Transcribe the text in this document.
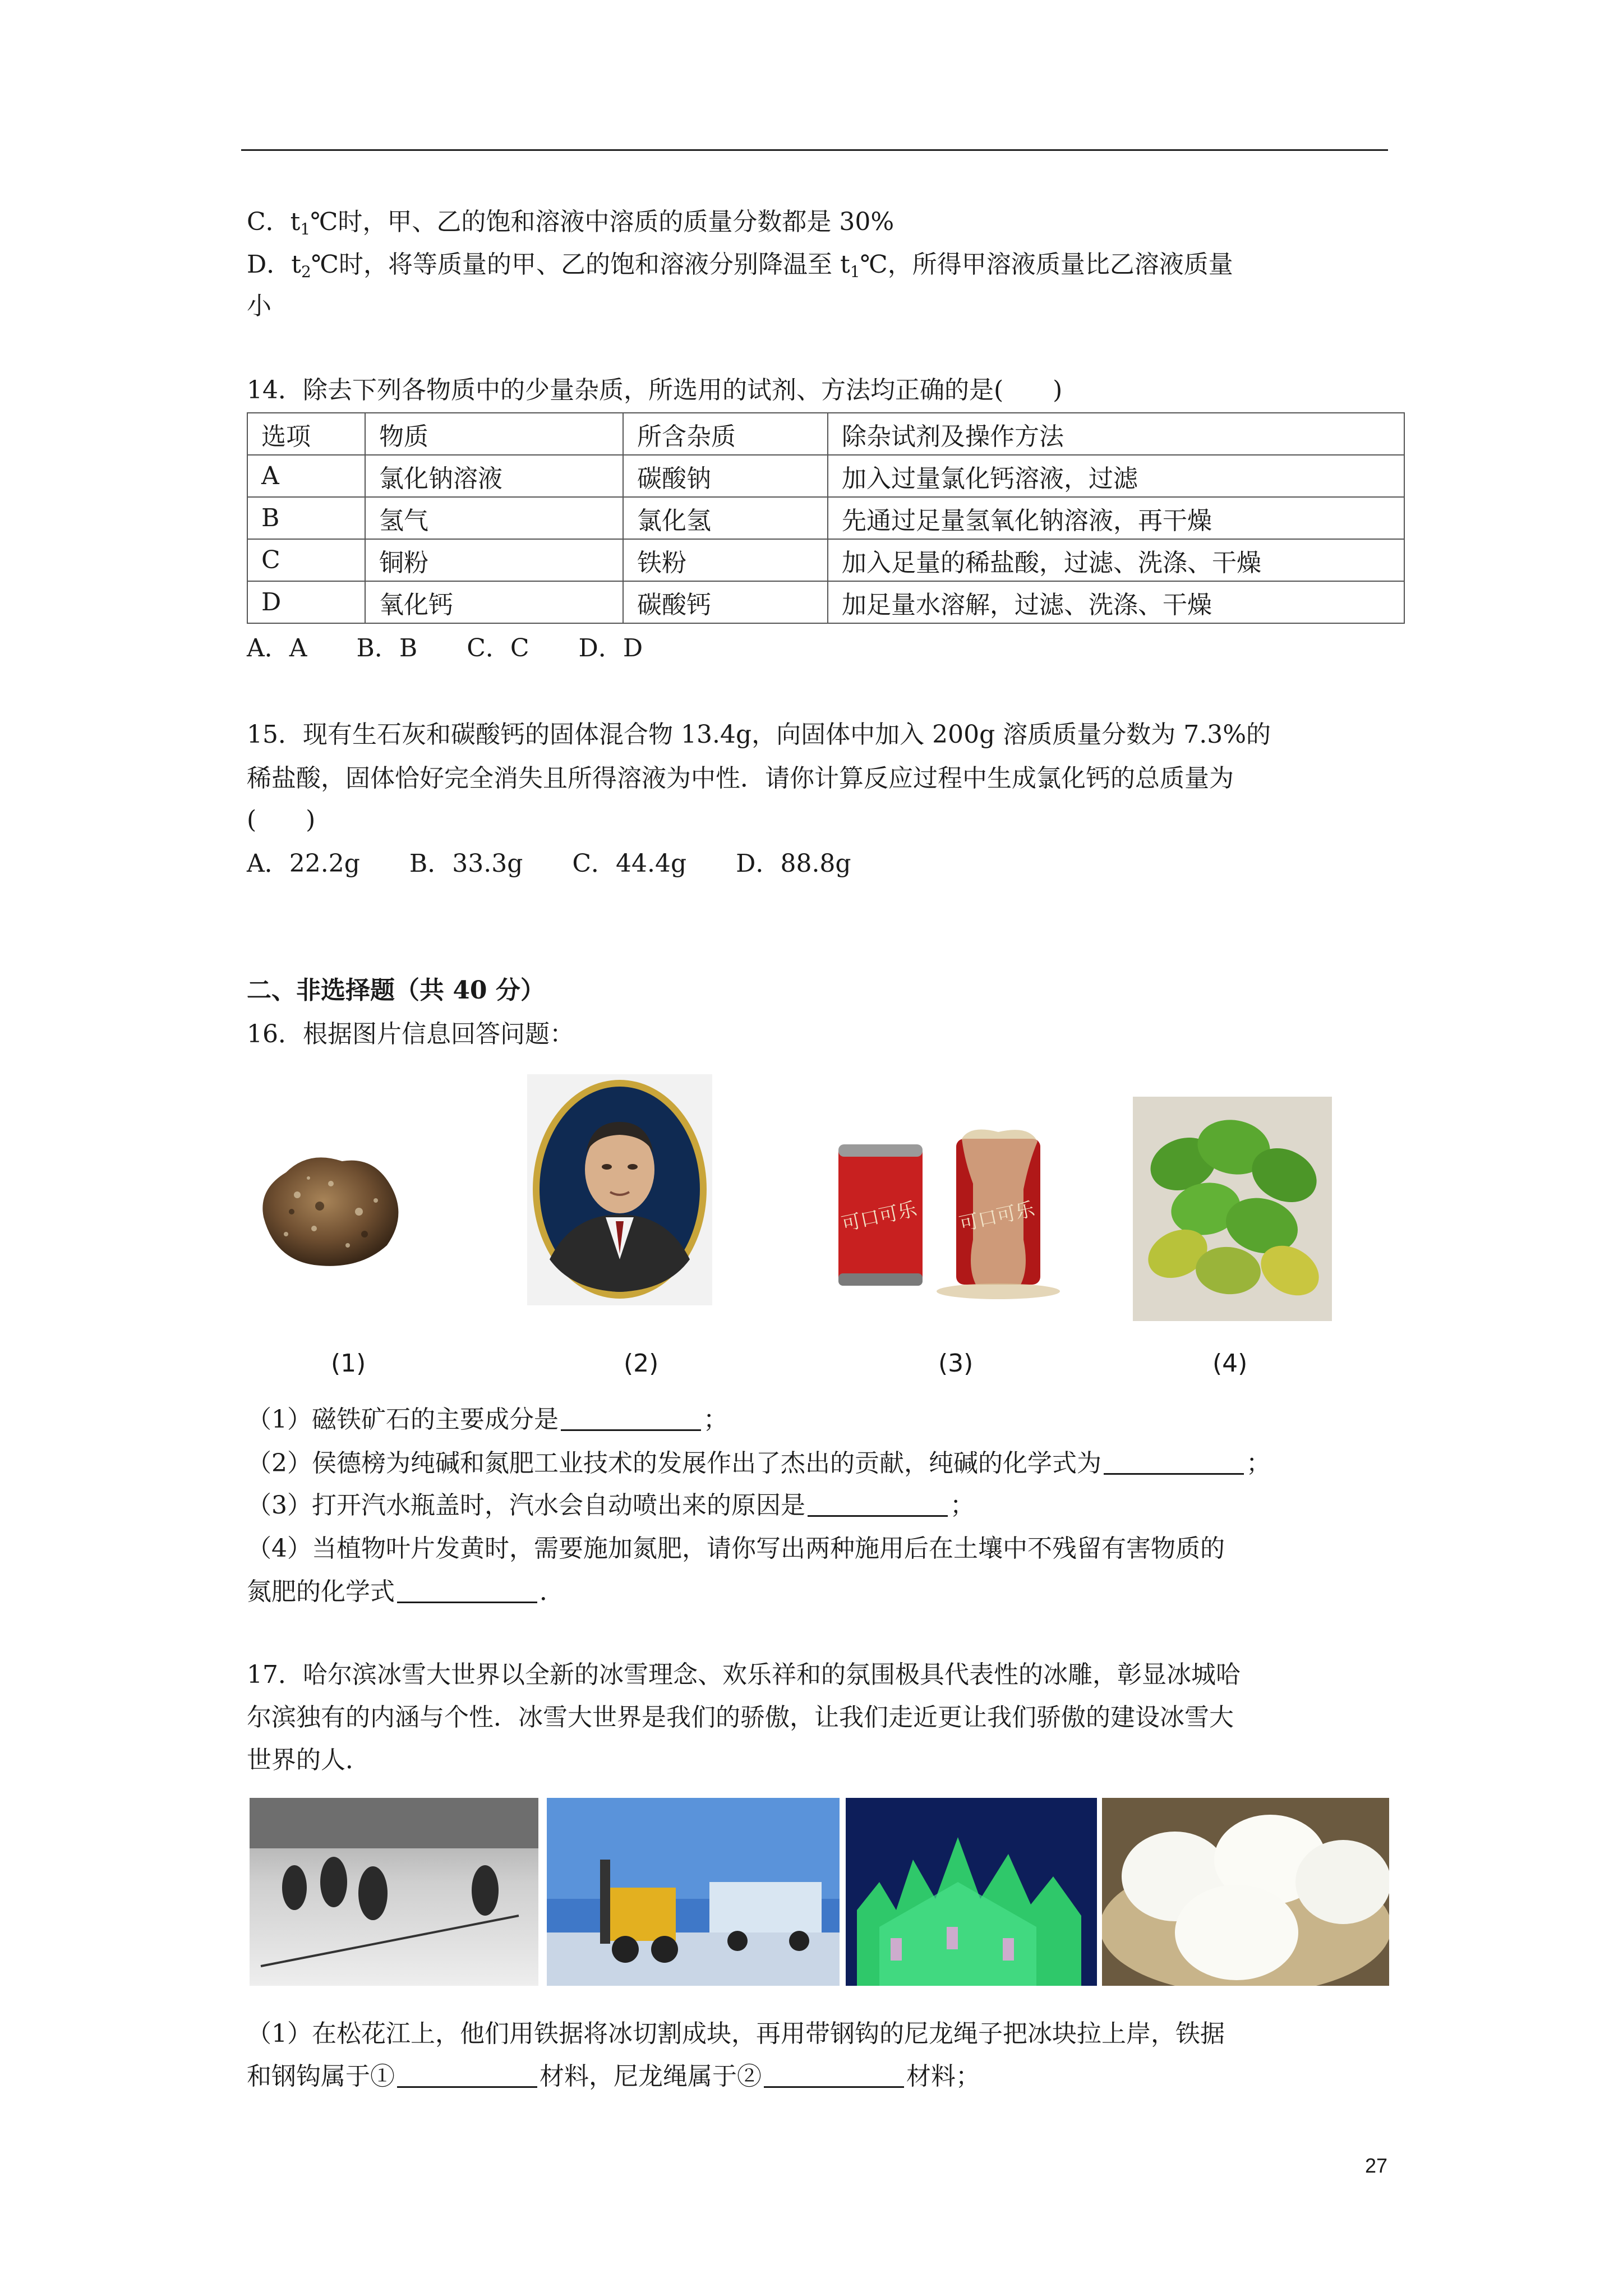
C．$t_1℃$时，甲、乙的饱和溶液中溶质的质量分数都是 30%
D．$t_2℃$时，将等质量的甲、乙的饱和溶液分别降温至 $t_1℃$，所得甲溶液质量比乙溶液质量
小
14．除去下列各物质中的少量杂质，所选用的试剂、方法均正确的是(　　)
选项	物质	所含杂质	除杂试剂及操作方法
A	氯化钠溶液	碳酸钠	加入过量氯化钙溶液，过滤
B	氢气	氯化氢	先通过足量氢氧化钠溶液，再干燥
C	铜粉	铁粉	加入足量的稀盐酸，过滤、洗涤、干燥
D	氧化钙	碳酸钙	加足量水溶解，过滤、洗涤、干燥
A．A　　B．B　　C．C　　D．D
15．现有生石灰和碳酸钙的固体混合物 13.4g，向固体中加入 200g 溶质质量分数为 7.3%的
稀盐酸，固体恰好完全消失且所得溶液为中性．请你计算反应过程中生成氯化钙的总质量为
(　　)
A．22.2g　　B．33.3g　　C．44.4g　　D．88.8g
二、非选择题（共 40 分）
16．根据图片信息回答问题：
可口可乐 可口可乐
(1)	(2)	(3)	(4)
（1）磁铁矿石的主要成分是	；
（2）侯德榜为纯碱和氮肥工业技术的发展作出了杰出的贡献，纯碱的化学式为	；
（3）打开汽水瓶盖时，汽水会自动喷出来的原因是	；
（4）当植物叶片发黄时，需要施加氮肥，请你写出两种施用后在土壤中不残留有害物质的
氮肥的化学式	．
17．哈尔滨冰雪大世界以全新的冰雪理念、欢乐祥和的氛围极具代表性的冰雕，彰显冰城哈
尔滨独有的内涵与个性．冰雪大世界是我们的骄傲，让我们走近更让我们骄傲的建设冰雪大
世界的人．
（1）在松花江上，他们用铁据将冰切割成块，再用带钢钩的尼龙绳子把冰块拉上岸，铁据
和钢钩属于①	材料，尼龙绳属于②	材料；
27
